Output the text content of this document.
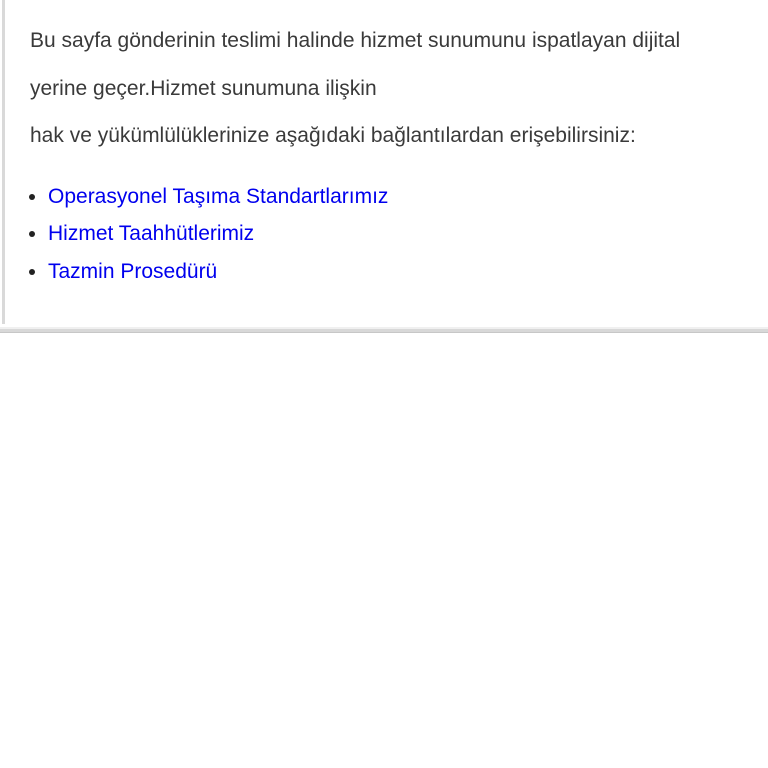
Bu sayfa gönderinin teslimi halinde hizmet sunumunu ispatlayan dijital
yerine geçer.Hizmet sunumuna ilişkin
hak ve yükümlülüklerinize aşağıdaki bağlantılardan erişebilirsiniz:
• Operasyonel Taşıma Standartlarımız
• Hizmet Taahhütlerimiz
• Tazmin Prosedürü
